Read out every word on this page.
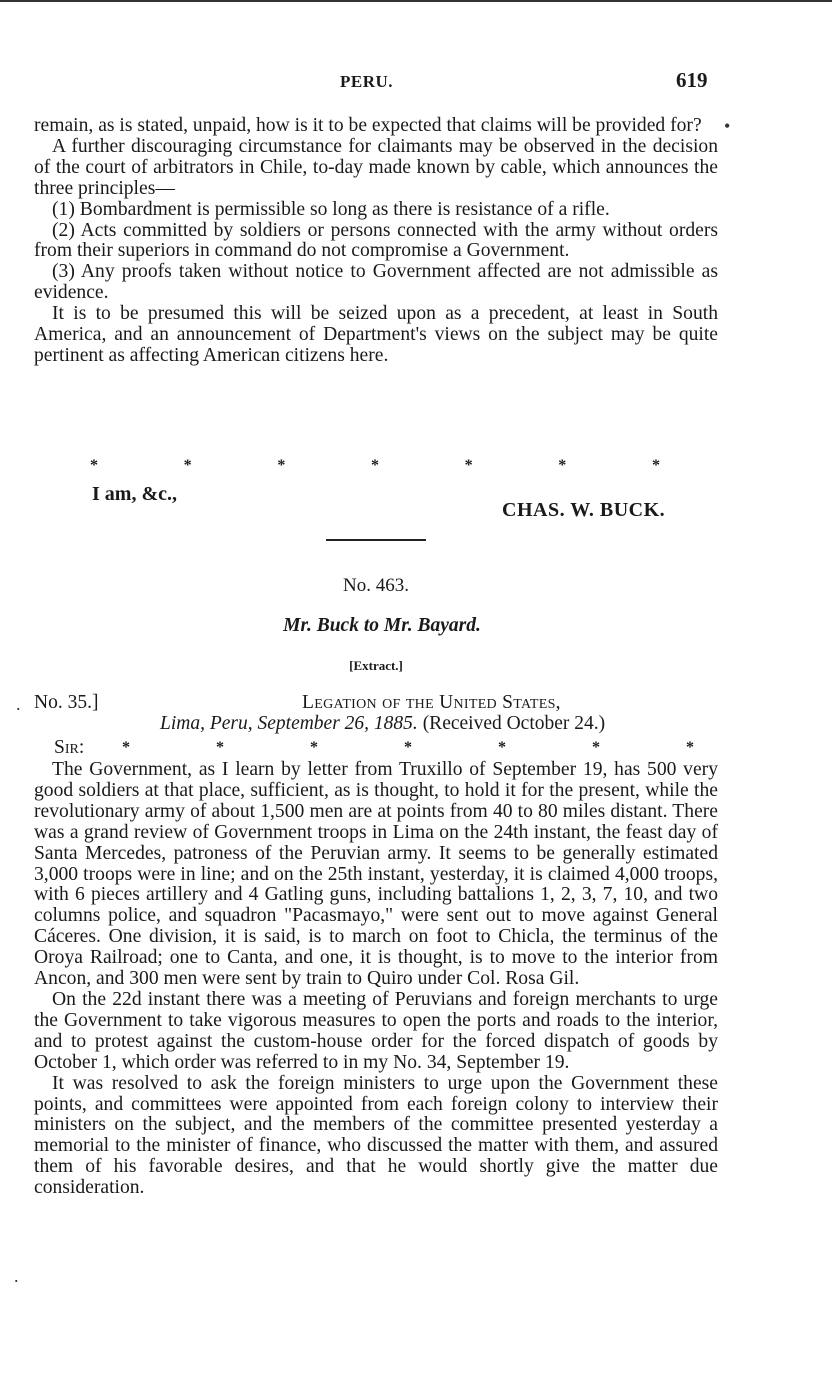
PERU.	619

remain, as is stated, unpaid, how is it to be expected that claims will be provided for?

A further discouraging circumstance for claimants may be observed in the decision of the court of arbitrators in Chile, to-day made known by cable, which announces the three principles—

(1) Bombardment is permissible so long as there is resistance of a rifle.

(2) Acts committed by soldiers or persons connected with the army without orders from their superiors in command do not compromise a Government.

(3) Any proofs taken without notice to Government affected are not admissible as evidence.

It is to be presumed this will be seized upon as a precedent, at least in South America, and an announcement of Department's views on the subject may be quite pertinent as affecting American citizens here.

*	*	*	*	*	*	*
I am, &c.,
CHAS. W. BUCK.
No. 463.
Mr. Buck to Mr. Bayard.
[Extract.]
No. 35.]	Legation of the United States,
Lima, Peru, September 26, 1885. (Received October 24.)
Sir: *	*	*	*	*	*	*

The Government, as I learn by letter from Truxillo of September 19, has 500 very good soldiers at that place, sufficient, as is thought, to hold it for the present, while the revolutionary army of about 1,500 men are at points from 40 to 80 miles distant. There was a grand review of Government troops in Lima on the 24th instant, the feast day of Santa Mercedes, patroness of the Peruvian army. It seems to be generally estimated 3,000 troops were in line; and on the 25th instant, yesterday, it is claimed 4,000 troops, with 6 pieces artillery and 4 Gatling guns, including battalions 1, 2, 3, 7, 10, and two columns police, and squadron "Pacasmayo," were sent out to move against General Cáceres. One division, it is said, is to march on foot to Chicla, the terminus of the Oroya Railroad; one to Canta, and one, it is thought, is to move to the interior from Ancon, and 300 men were sent by train to Quiro under Col. Rosa Gil.

On the 22d instant there was a meeting of Peruvians and foreign merchants to urge the Government to take vigorous measures to open the ports and roads to the interior, and to protest against the custom-house order for the forced dispatch of goods by October 1, which order was referred to in my No. 34, September 19.

It was resolved to ask the foreign ministers to urge upon the Government these points, and committees were appointed from each foreign colony to interview their ministers on the subject, and the members of the committee presented yesterday a memorial to the minister of finance, who discussed the matter with them, and assured them of his favorable desires, and that he would shortly give the matter due consideration.

•
.
.
